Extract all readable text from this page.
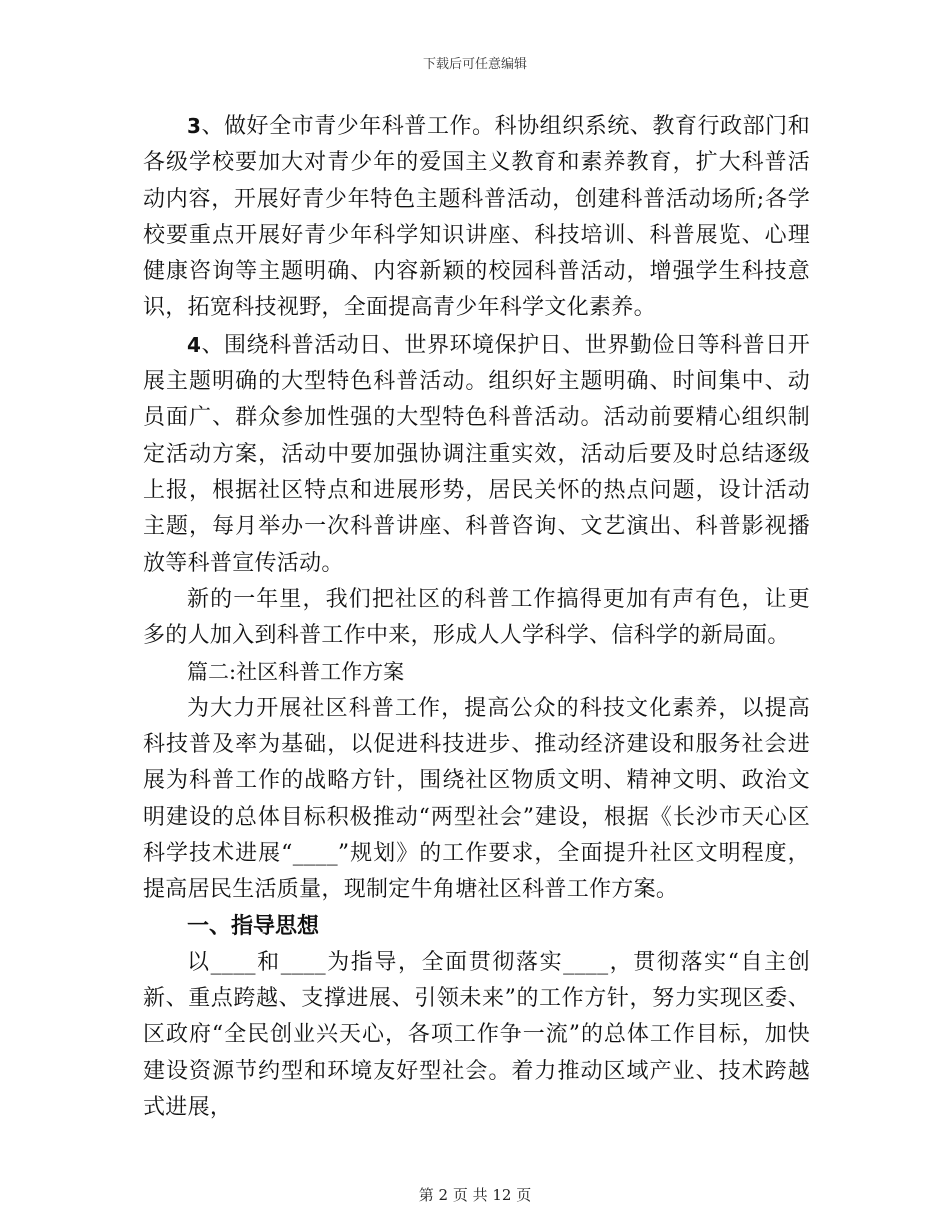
下载后可任意编辑

3、做好全市青少年科普工作。科协组织系统、教育行政部门和各级学校要加大对青少年的爱国主义教育和素养教育，扩大科普活动内容，开展好青少年特色主题科普活动，创建科普活动场所;各学校要重点开展好青少年科学知识讲座、科技培训、科普展览、心理健康咨询等主题明确、内容新颖的校园科普活动，增强学生科技意识，拓宽科技视野，全面提高青少年科学文化素养。

4、围绕科普活动日、世界环境保护日、世界勤俭日等科普日开展主题明确的大型特色科普活动。组织好主题明确、时间集中、动员面广、群众参加性强的大型特色科普活动。活动前要精心组织制定活动方案，活动中要加强协调注重实效，活动后要及时总结逐级上报，根据社区特点和进展形势，居民关怀的热点问题，设计活动主题，每月举办一次科普讲座、科普咨询、文艺演出、科普影视播放等科普宣传活动。

新的一年里，我们把社区的科普工作搞得更加有声有色，让更多的人加入到科普工作中来，形成人人学科学、信科学的新局面。

篇二:社区科普工作方案

为大力开展社区科普工作，提高公众的科技文化素养，以提高科技普及率为基础，以促进科技进步、推动经济建设和服务社会进展为科普工作的战略方针，围绕社区物质文明、精神文明、政治文明建设的总体目标积极推动“两型社会”建设，根据《长沙市天心区科学技术进展“____”规划》的工作要求，全面提升社区文明程度，提高居民生活质量，现制定牛角塘社区科普工作方案。

一、指导思想

以____和____为指导，全面贯彻落实____，贯彻落实“自主创新、重点跨越、支撑进展、引领未来”的工作方针，努力实现区委、区政府“全民创业兴天心，各项工作争一流”的总体工作目标，加快建设资源节约型和环境友好型社会。着力推动区域产业、技术跨越式进展，

第 2 页 共 12 页
